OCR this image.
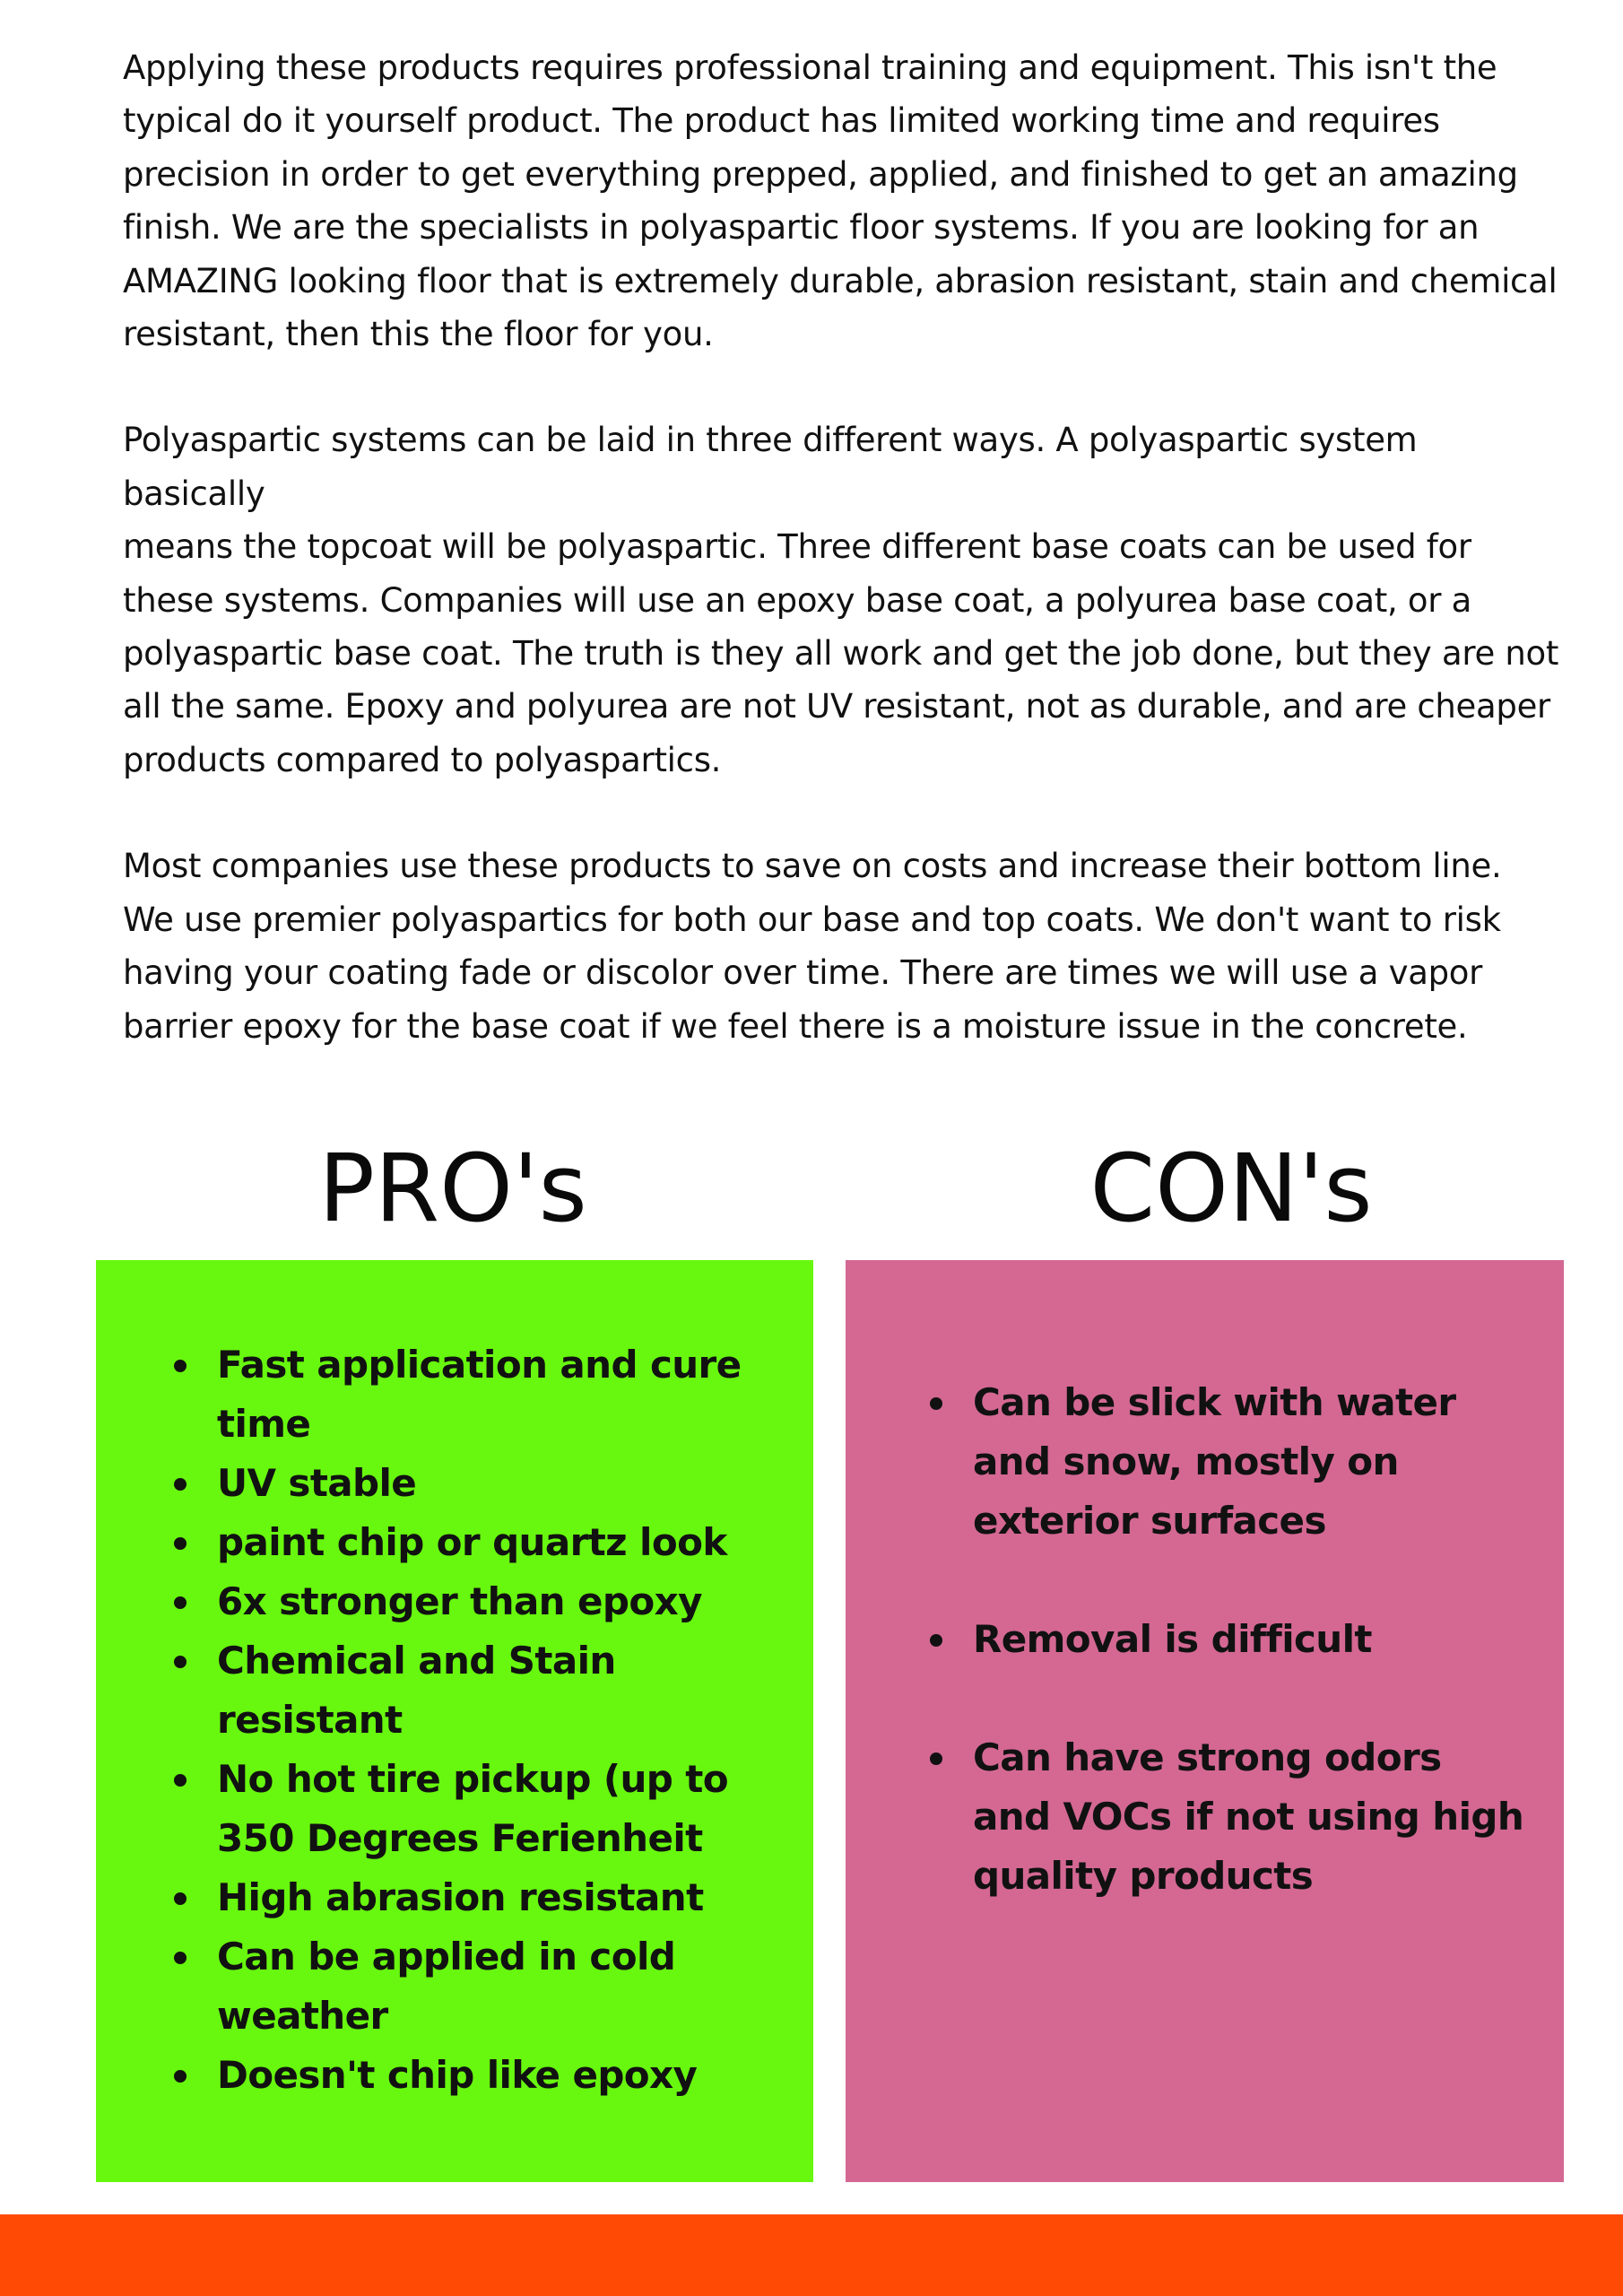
Applying these products requires professional training and equipment. This isn't the
typical do it yourself product. The product has limited working time and requires
precision in order to get everything prepped, applied, and finished to get an amazing
finish. We are the specialists in polyaspartic floor systems. If you are looking for an
AMAZING looking floor that is extremely durable, abrasion resistant, stain and chemical
resistant, then this the floor for you.

Polyaspartic systems can be laid in three different ways. A polyaspartic system basically
means the topcoat will be polyaspartic. Three different base coats can be used for
these systems. Companies will use an epoxy base coat, a polyurea base coat, or a
polyaspartic base coat. The truth is they all work and get the job done, but they are not
all the same. Epoxy and polyurea are not UV resistant, not as durable, and are cheaper
products compared to polyaspartics.

Most companies use these products to save on costs and increase their bottom line.
We use premier polyaspartics for both our base and top coats. We don't want to risk
having your coating fade or discolor over time. There are times we will use a vapor
barrier epoxy for the base coat if we feel there is a moisture issue in the concrete.

PRO's	CON's
Fast application and cure time
UV stable
paint chip or quartz look
6x stronger than epoxy
Chemical and Stain resistant
No hot tire pickup (up to 350 Degrees Ferienheit
High abrasion resistant
Can be applied in cold weather
Doesn't chip like epoxy
Can be slick with water and snow, mostly on exterior surfaces
Removal is difficult
Can have strong odors and VOCs if not using high quality products
